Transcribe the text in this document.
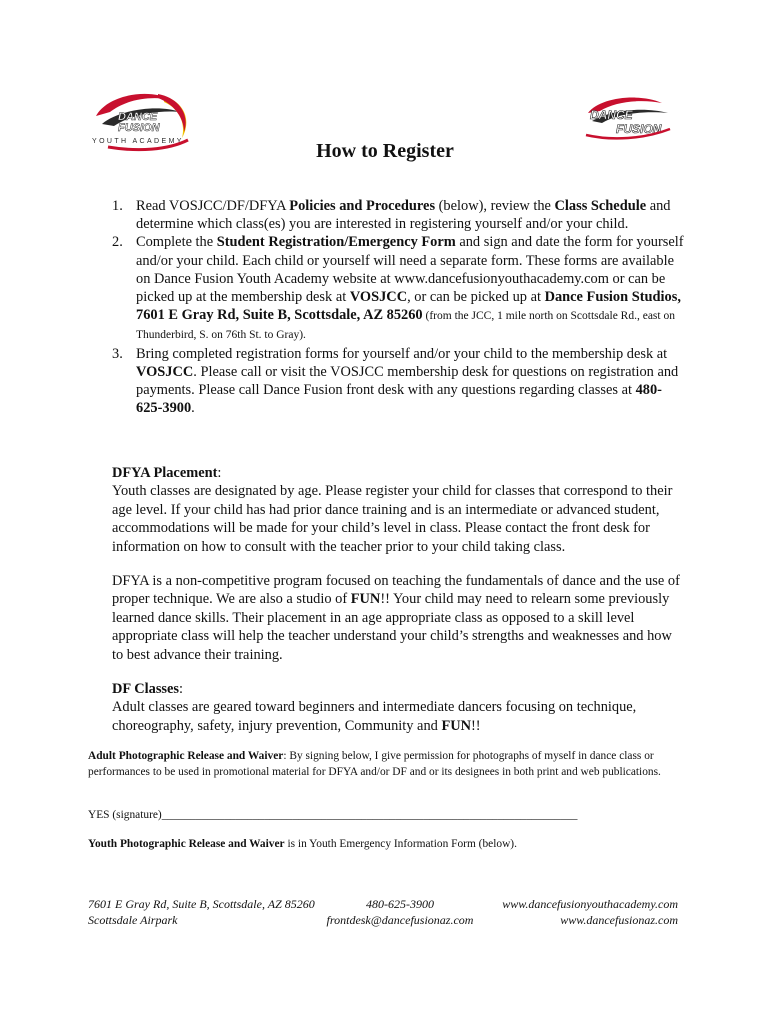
DANCE
FUSION
YOUTH ACADEMY
DANCE
FUSION
How to Register
1. Read VOSJCC/DF/DFYA Policies and Procedures (below), review the Class Schedule and determine which class(es) you are interested in registering yourself and/or your child.
2. Complete the Student Registration/Emergency Form and sign and date the form for yourself and/or your child. Each child or yourself will need a separate form. These forms are available on Dance Fusion Youth Academy website at www.dancefusionyouthacademy.com or can be picked up at the membership desk at VOSJCC, or can be picked up at Dance Fusion Studios, 7601 E Gray Rd, Suite B, Scottsdale, AZ 85260 (from the JCC, 1 mile north on Scottsdale Rd., east on Thunderbird, S. on 76th St. to Gray).
3. Bring completed registration forms for yourself and/or your child to the membership desk at VOSJCC. Please call or visit the VOSJCC membership desk for questions on registration and payments. Please call Dance Fusion front desk with any questions regarding classes at 480-625-3900.

DFYA Placement:
Youth classes are designated by age. Please register your child for classes that correspond to their age level. If your child has had prior dance training and is an intermediate or advanced student, accommodations will be made for your child’s level in class. Please contact the front desk for information on how to consult with the teacher prior to your child taking class.

DFYA is a non-competitive program focused on teaching the fundamentals of dance and the use of proper technique. We are also a studio of FUN!! Your child may need to relearn some previously learned dance skills. Their placement in an age appropriate class as opposed to a skill level appropriate class will help the teacher understand your child’s strengths and weaknesses and how to best advance their training.

DF Classes:
Adult classes are geared toward beginners and intermediate dancers focusing on technique, choreography, safety, injury prevention, Community and FUN!!

Adult Photographic Release and Waiver: By signing below, I give permission for photographs of myself in dance class or performances to be used in promotional material for DFYA and/or DF and or its designees in both print and web publications.

YES (signature)_________________________________________________________________________

Youth Photographic Release and Waiver is in Youth Emergency Information Form (below).

7601 E Gray Rd, Suite B, Scottsdale, AZ 85260
Scottsdale Airpark
480-625-3900
frontdesk@dancefusionaz.com
www.dancefusionyouthacademy.com
www.dancefusionaz.com
